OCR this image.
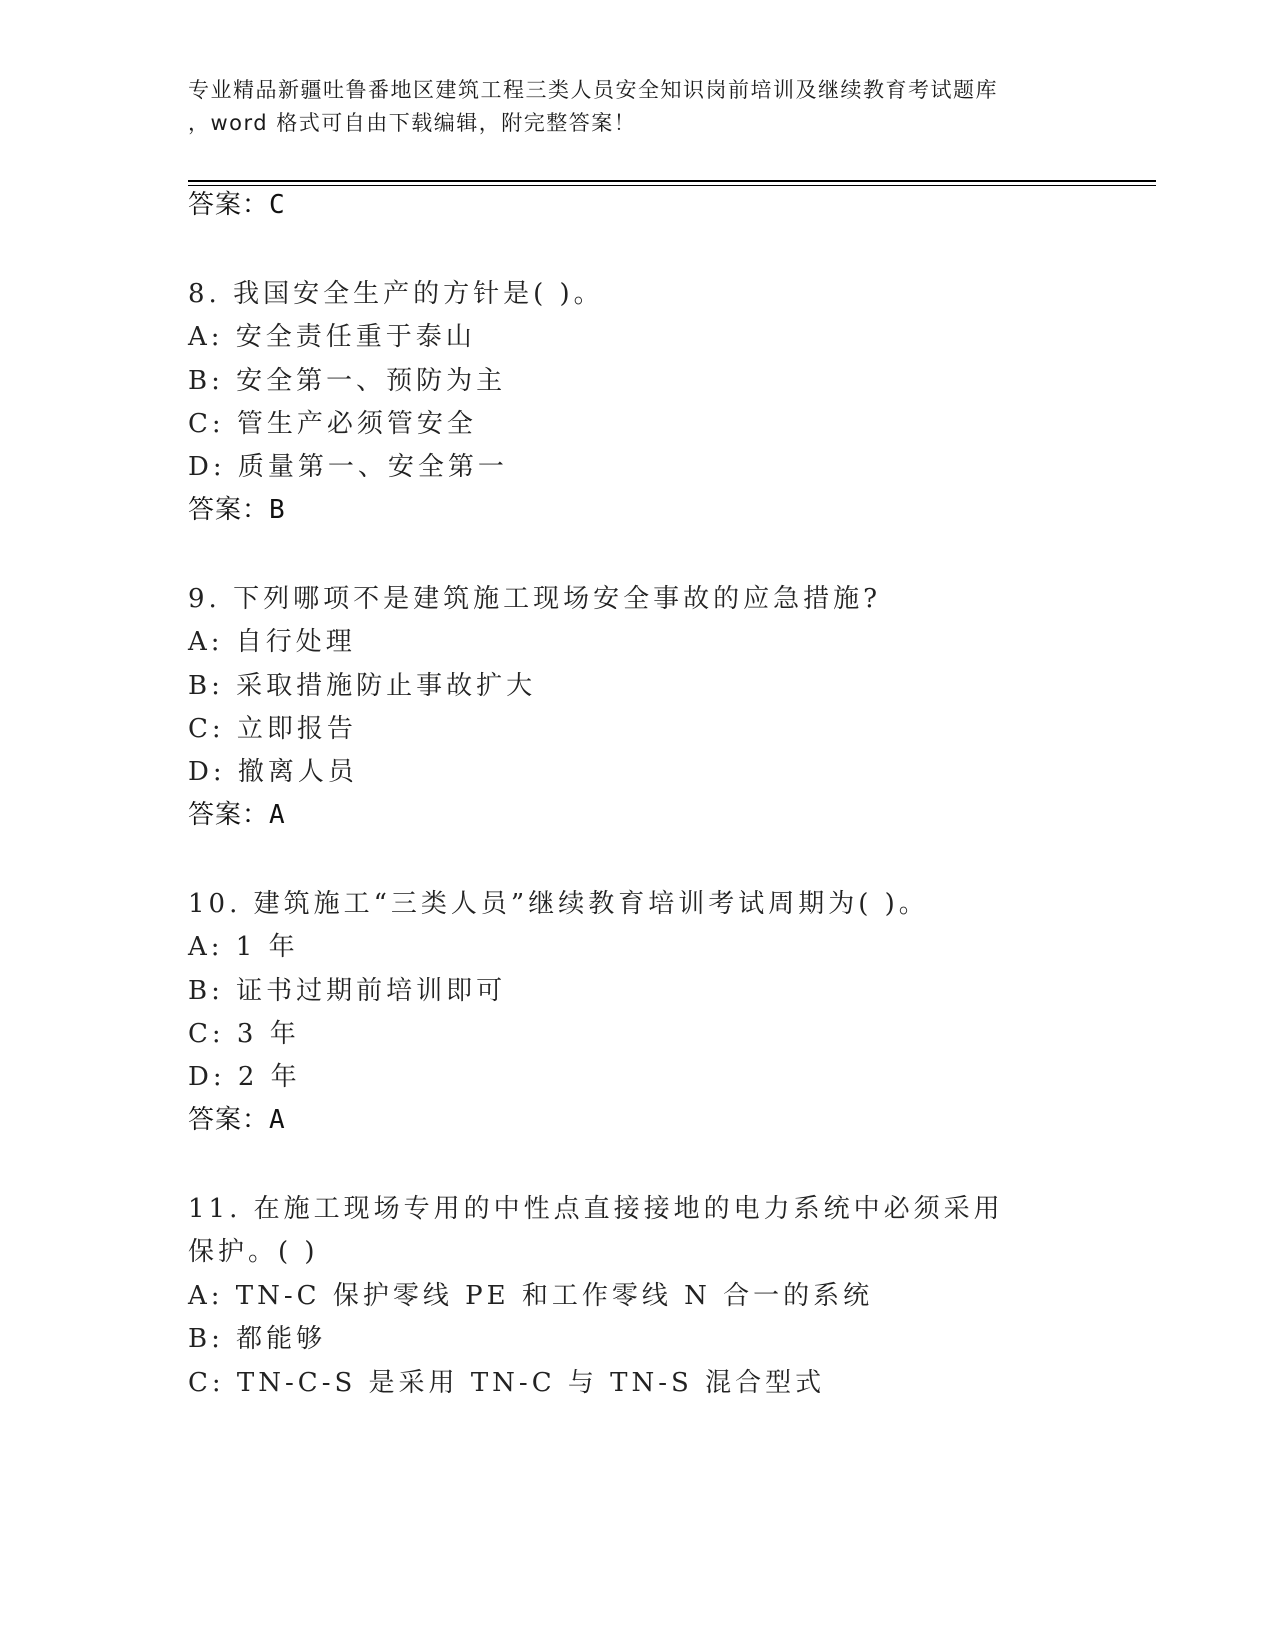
专业精品新疆吐鲁番地区建筑工程三类人员安全知识岗前培训及继续教育考试题库
，word 格式可自由下载编辑，附完整答案！
答案：C
8. 我国安全生产的方针是( )。
A: 安全责任重于泰山
B: 安全第一、预防为主
C: 管生产必须管安全
D: 质量第一、安全第一
答案：B
9. 下列哪项不是建筑施工现场安全事故的应急措施?
A: 自行处理
B: 采取措施防止事故扩大
C: 立即报告
D: 撤离人员
答案：A
10. 建筑施工“三类人员”继续教育培训考试周期为( )。
A: 1 年
B: 证书过期前培训即可
C: 3 年
D: 2 年
答案：A
11. 在施工现场专用的中性点直接接地的电力系统中必须采用
保护。( )
A: TN-C 保护零线 PE 和工作零线 N 合一的系统
B: 都能够
C: TN-C-S 是采用 TN-C 与 TN-S 混合型式
